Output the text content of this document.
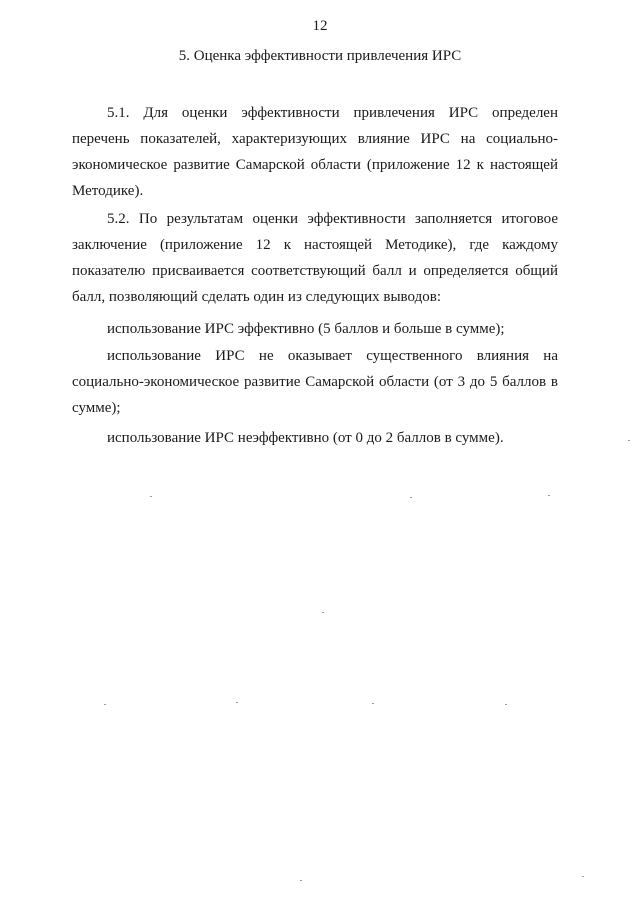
12
5. Оценка эффективности привлечения ИРС

5.1. Для оценки эффективности привлечения ИРС определен перечень показателей, характеризующих влияние ИРС на социально-экономическое развитие Самарской области (приложение 12 к настоящей Методике).

5.2. По результатам оценки эффективности заполняется итоговое заключение (приложение 12 к настоящей Методике), где каждому показателю присваивается соответствующий балл и определяется общий балл, позволяющий сделать один из следующих выводов:

использование ИРС эффективно (5 баллов и больше в сумме);

использование ИРС не оказывает существенного влияния на социально-экономическое развитие Самарской области (от 3 до 5 баллов в сумме);

использование ИРС неэффективно (от 0 до 2 баллов в сумме).
